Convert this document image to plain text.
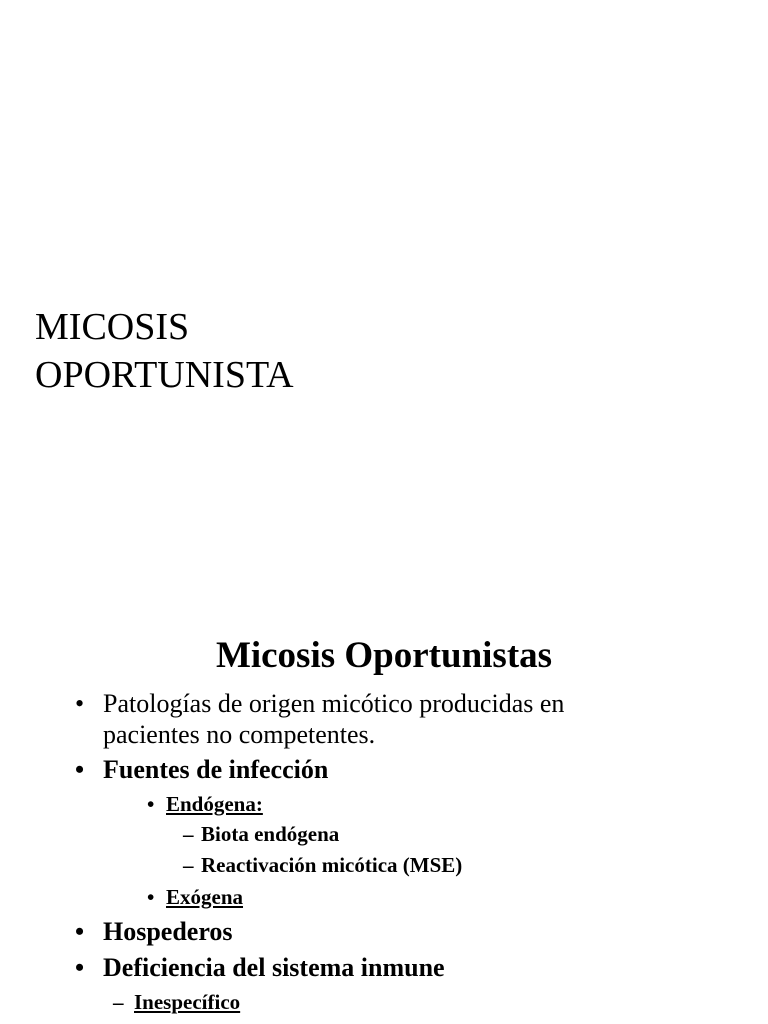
MICOSIS
OPORTUNISTA
Micosis Oportunistas
• Patologías de origen micótico producidas en
pacientes no competentes.
• Fuentes de infección
• Endógena:
– Biota endógena
– Reactivación micótica (MSE)
• Exógena
• Hospederos
• Deficiencia del sistema inmune
– Inespecífico
